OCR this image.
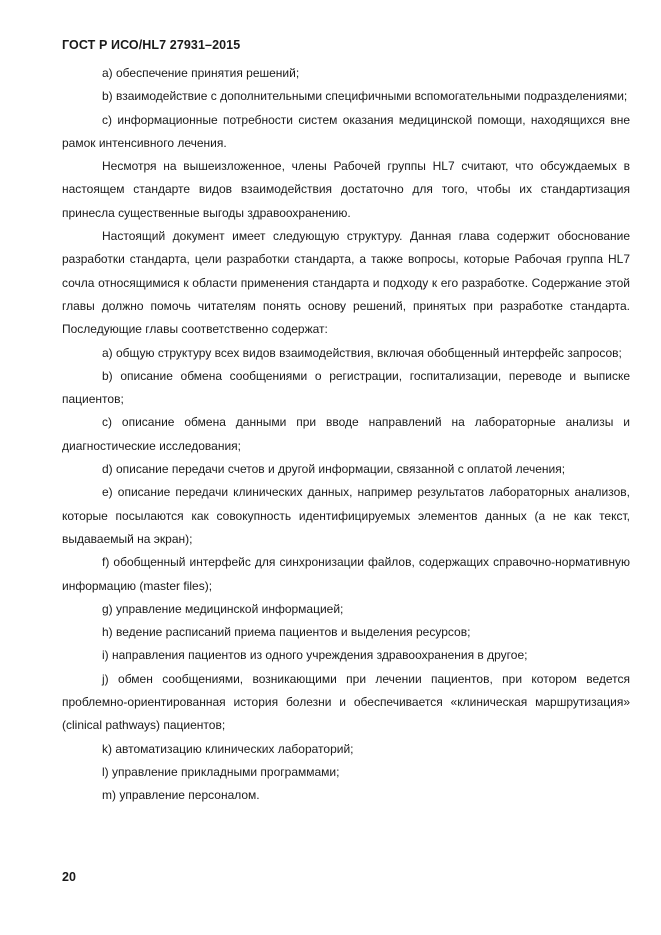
ГОСТ Р ИСО/HL7 27931–2015

а) обеспечение принятия решений;

b) взаимодействие с дополнительными специфичными вспомогательными подразделениями;

c) информационные потребности систем оказания медицинской помощи, находящихся вне рамок интенсивного лечения.

Несмотря на вышеизложенное, члены Рабочей группы HL7 считают, что обсуждаемых в настоящем стандарте видов взаимодействия достаточно для того, чтобы их стандартизация принесла существенные выгоды здравоохранению.

Настоящий документ имеет следующую структуру. Данная глава содержит обоснование разработки стандарта, цели разработки стандарта, а также вопросы, которые Рабочая группа HL7 сочла относящимися к области применения стандарта и подходу к его разработке. Содержание этой главы должно помочь читателям понять основу решений, принятых при разработке стандарта. Последующие главы соответственно содержат:

a) общую структуру всех видов взаимодействия, включая обобщенный интерфейс запросов;

b) описание обмена сообщениями о регистрации, госпитализации, переводе и выписке пациентов;

c) описание обмена данными при вводе направлений на лабораторные анализы и диагностические исследования;

d) описание передачи счетов и другой информации, связанной с оплатой лечения;

e) описание передачи клинических данных, например результатов лабораторных анализов, которые посылаются как совокупность идентифицируемых элементов данных (а не как текст, выдаваемый на экран);

f) обобщенный интерфейс для синхронизации файлов, содержащих справочно-нормативную информацию (master files);

g) управление медицинской информацией;

h) ведение расписаний приема пациентов и выделения ресурсов;

i) направления пациентов из одного учреждения здравоохранения в другое;

j) обмен сообщениями, возникающими при лечении пациентов, при котором ведется проблемно-ориентированная история болезни и обеспечивается «клиническая маршрутизация» (clinical pathways) пациентов;

k) автоматизацию клинических лабораторий;

l) управление прикладными программами;

m) управление персоналом.

20
